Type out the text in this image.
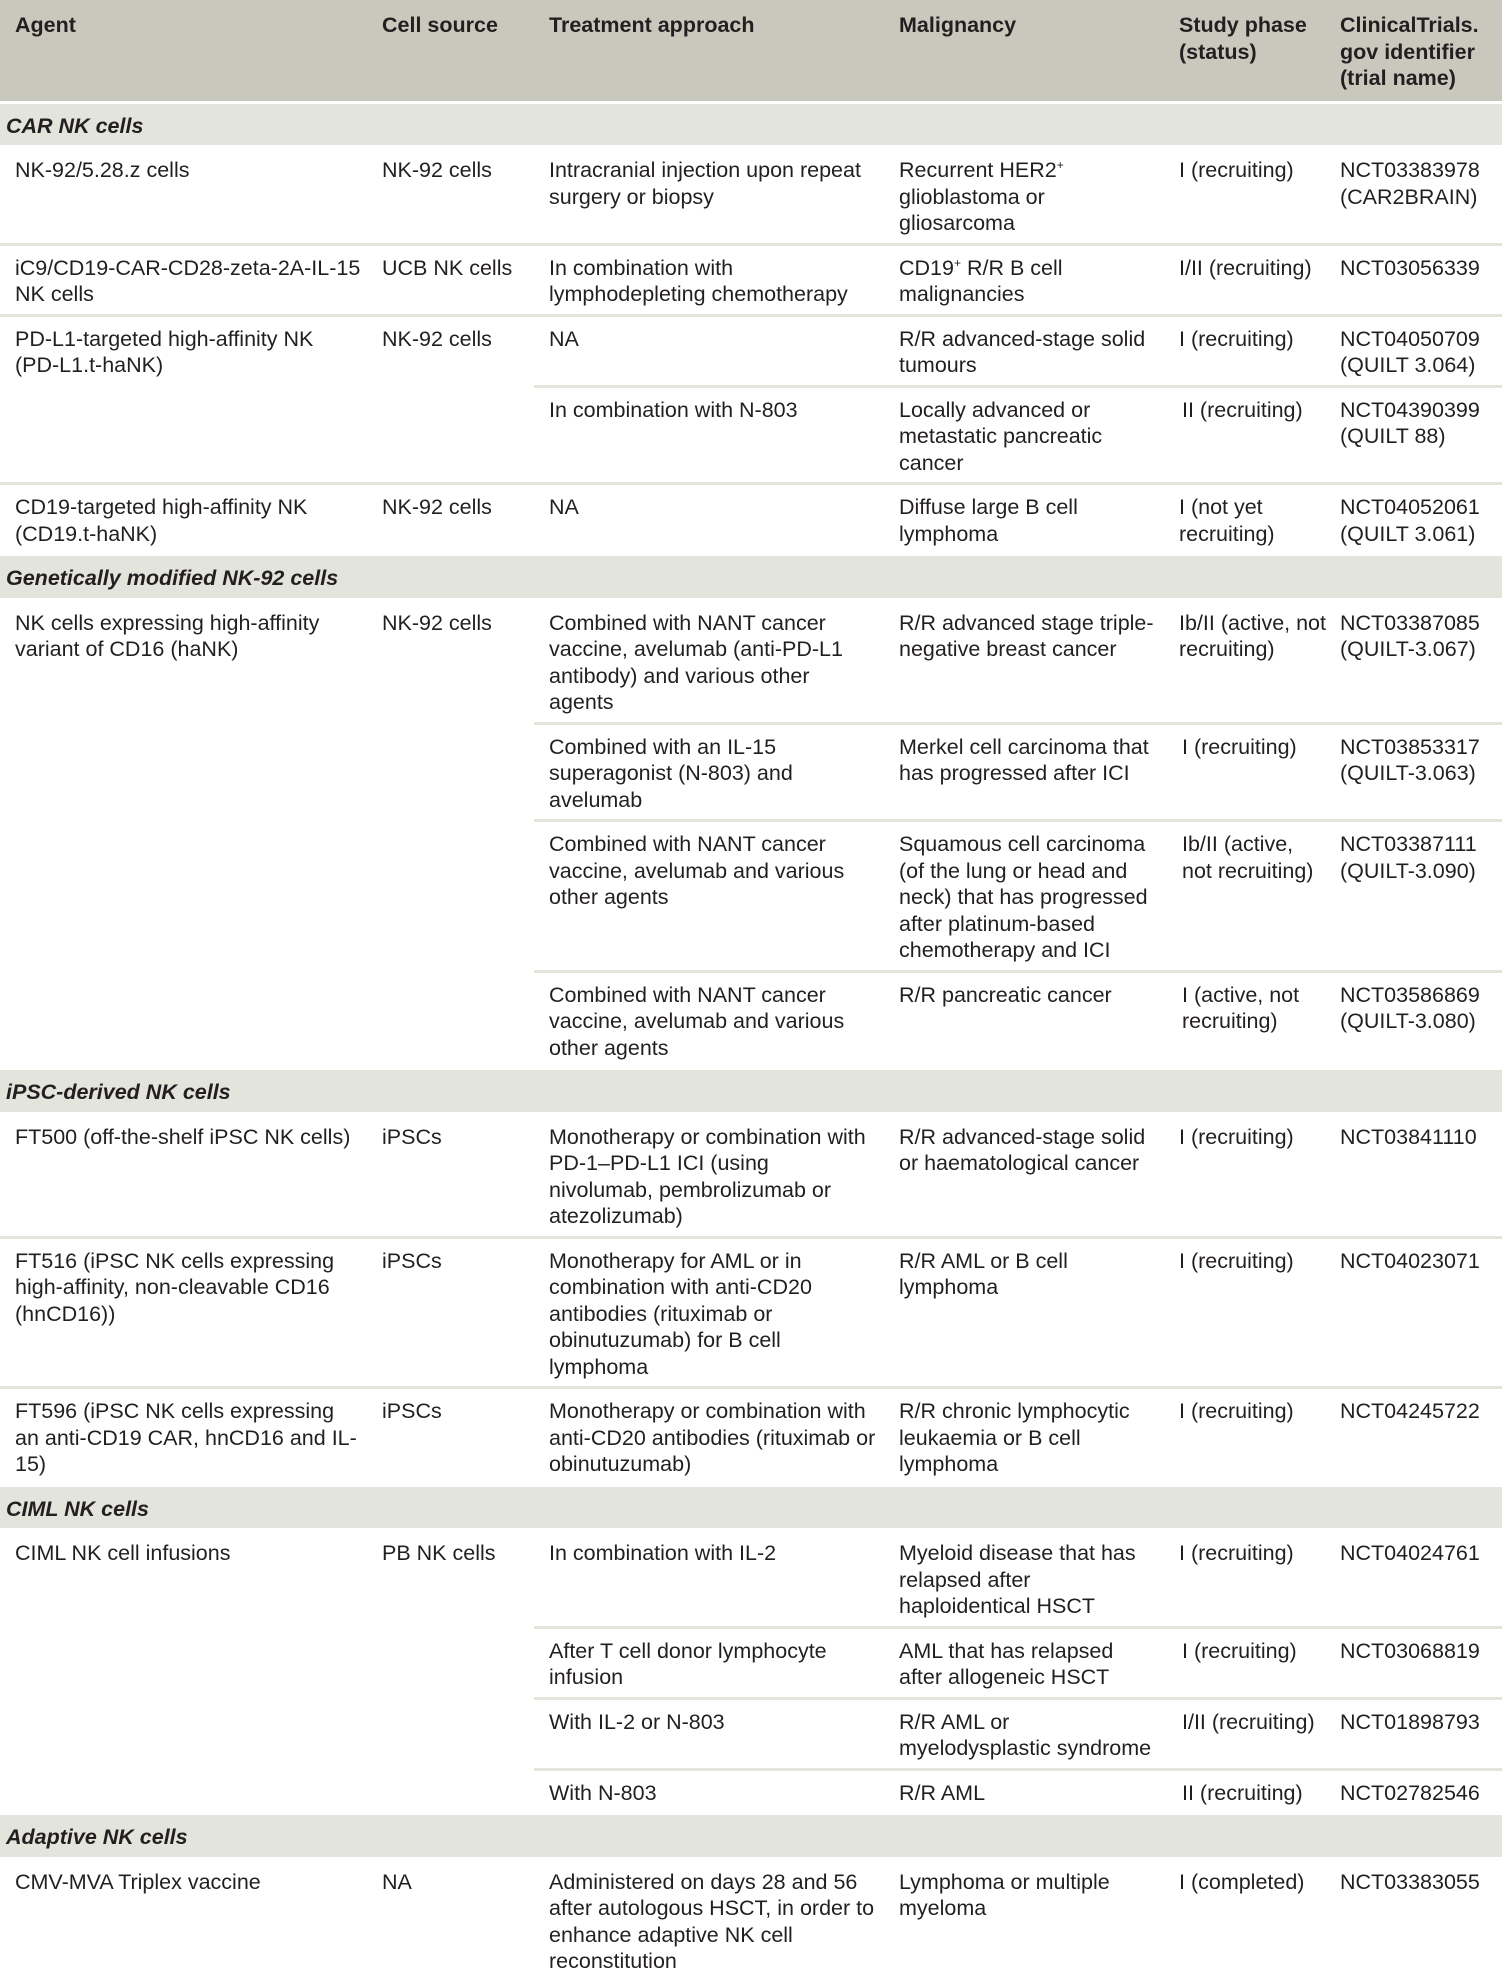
Agent	Cell source	Treatment approach	Malignancy	Study phase (status)	ClinicalTrials. gov identifier (trial name)
CAR NK cells					
NK-92/5.28.z cells	NK-92 cells	Intracranial injection upon repeat surgery or biopsy	Recurrent HER2+ glioblastoma or gliosarcoma	I (recruiting)	NCT03383978 (CAR2BRAIN)
iC9/CD19-CAR-CD28-zeta-2A-IL-15 NK cells	UCB NK cells	In combination with lymphodepleting chemotherapy	CD19+ R/R B cell malignancies	I/II (recruiting)	NCT03056339
PD-L1-targeted high-affinity NK (PD-L1.t-haNK)	NK-92 cells	NA	R/R advanced-stage solid tumours	I (recruiting)	NCT04050709 (QUILT 3.064)
		In combination with N-803	Locally advanced or metastatic pancreatic cancer	II (recruiting)	NCT04390399 (QUILT 88)
CD19-targeted high-affinity NK (CD19.t-haNK)	NK-92 cells	NA	Diffuse large B cell lymphoma	I (not yet recruiting)	NCT04052061 (QUILT 3.061)
Genetically modified NK-92 cells					
NK cells expressing high-affinity variant of CD16 (haNK)	NK-92 cells	Combined with NANT cancer vaccine, avelumab (anti-PD-L1 antibody) and various other agents	R/R advanced stage triple-negative breast cancer	Ib/II (active, not recruiting)	NCT03387085 (QUILT-3.067)
		Combined with an IL-15 superagonist (N-803) and avelumab	Merkel cell carcinoma that has progressed after ICI	I (recruiting)	NCT03853317 (QUILT-3.063)
		Combined with NANT cancer vaccine, avelumab and various other agents	Squamous cell carcinoma (of the lung or head and neck) that has progressed after platinum-based chemotherapy and ICI	Ib/II (active, not recruiting)	NCT03387111 (QUILT-3.090)
		Combined with NANT cancer vaccine, avelumab and various other agents	R/R pancreatic cancer	I (active, not recruiting)	NCT03586869 (QUILT-3.080)
iPSC-derived NK cells					
FT500 (off-the-shelf iPSC NK cells)	iPSCs	Monotherapy or combination with PD-1–PD-L1 ICI (using nivolumab, pembrolizumab or atezolizumab)	R/R advanced-stage solid or haematological cancer	I (recruiting)	NCT03841110
FT516 (iPSC NK cells expressing high-affinity, non-cleavable CD16 (hnCD16))	iPSCs	Monotherapy for AML or in combination with anti-CD20 antibodies (rituximab or obinutuzumab) for B cell lymphoma	R/R AML or B cell lymphoma	I (recruiting)	NCT04023071
FT596 (iPSC NK cells expressing an anti-CD19 CAR, hnCD16 and IL-15)	iPSCs	Monotherapy or combination with anti-CD20 antibodies (rituximab or obinutuzumab)	R/R chronic lymphocytic leukaemia or B cell lymphoma	I (recruiting)	NCT04245722
CIML NK cells					
CIML NK cell infusions	PB NK cells	In combination with IL-2	Myeloid disease that has relapsed after haploidentical HSCT	I (recruiting)	NCT04024761
		After T cell donor lymphocyte infusion	AML that has relapsed after allogeneic HSCT	I (recruiting)	NCT03068819
		With IL-2 or N-803	R/R AML or myelodysplastic syndrome	I/II (recruiting)	NCT01898793
		With N-803	R/R AML	II (recruiting)	NCT02782546
Adaptive NK cells					
CMV-MVA Triplex vaccine	NA	Administered on days 28 and 56 after autologous HSCT, in order to enhance adaptive NK cell reconstitution	Lymphoma or multiple myeloma	I (completed)	NCT03383055
